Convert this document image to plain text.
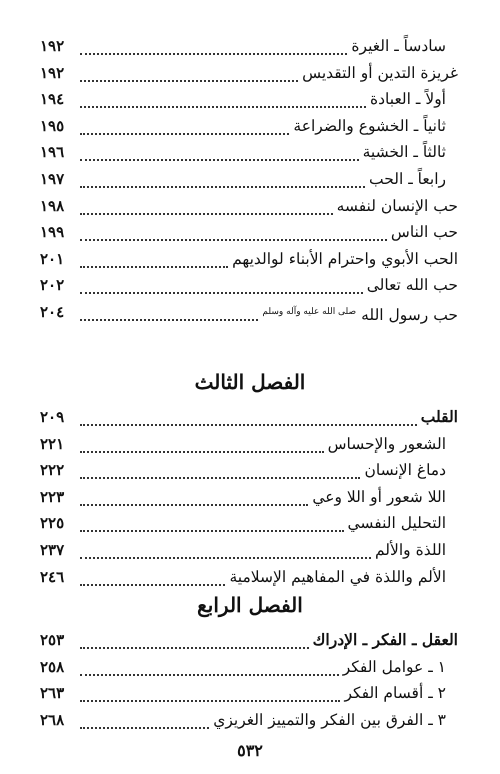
١٩٢	سادساً ـ الغيرة
١٩٢	غريزة التدين أو التقديس
١٩٤	أولاً ـ العبادة
١٩٥	ثانياً ـ الخشوع والضراعة
١٩٦	ثالثاً ـ الخشية
١٩٧	رابعاً ـ الحب
١٩٨	حب الإنسان لنفسه
١٩٩	حب الناس
٢٠١	الحب الأبوي واحترام الأبناء لوالديهم
٢٠٢	حب الله تعالى
٢٠٤	حب رسول الله $^{صلى الله عليه وآله وسلم}$
الفصل الثالث
٢٠٩	القلب
٢٢١	الشعور والإحساس
٢٢٢	دماغ الإنسان
٢٢٣	اللا شعور أو اللا وعي
٢٢٥	التحليل النفسي
٢٣٧	اللذة والألم
٢٤٦	الألم واللذة في المفاهيم الإسلامية
الفصل الرابع
٢٥٣	العقل ـ الفكر ـ الإدراك
٢٥٨	١ ـ عوامل الفكر
٢٦٣	٢ ـ أقسام الفكر
٢٦٨	٣ ـ الفرق بين الفكر والتمييز الغريزي
٥٣٢
